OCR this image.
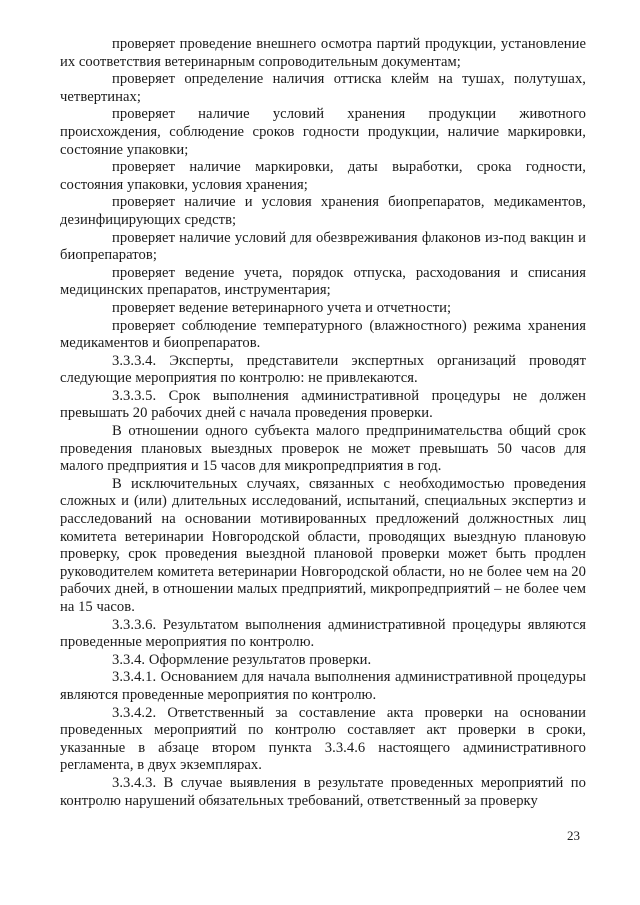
проверяет проведение внешнего осмотра партий продукции, установление их соответствия ветеринарным сопроводительным документам;

проверяет определение наличия оттиска клейм на тушах, полутушах, четвертинах;

проверяет наличие условий хранения продукции животного происхождения, соблюдение сроков годности продукции, наличие маркировки, состояние упаковки;

проверяет наличие маркировки, даты выработки, срока годности, состояния упаковки, условия хранения;

проверяет наличие и условия хранения биопрепаратов, медикаментов, дезинфицирующих средств;

проверяет наличие условий для обезвреживания флаконов из-под вакцин и биопрепаратов;

проверяет ведение учета, порядок отпуска, расходования и списания медицинских препаратов, инструментария;

проверяет ведение ветеринарного учета и отчетности;

проверяет соблюдение температурного (влажностного) режима хранения медикаментов и биопрепаратов.

3.3.3.4. Эксперты, представители экспертных организаций проводят следующие мероприятия по контролю: не привлекаются.

3.3.3.5. Срок выполнения административной процедуры не должен превышать 20 рабочих дней с начала проведения проверки.

В отношении одного субъекта малого предпринимательства общий срок проведения плановых выездных проверок не может превышать 50 часов для малого предприятия и 15 часов для микропредприятия в год.

В исключительных случаях, связанных с необходимостью проведения сложных и (или) длительных исследований, испытаний, специальных экспертиз и расследований на основании мотивированных предложений должностных лиц комитета ветеринарии Новгородской области, проводящих выездную плановую проверку, срок проведения выездной плановой проверки может быть продлен руководителем комитета ветеринарии Новгородской области, но не более чем на 20 рабочих дней, в отношении малых предприятий, микропредприятий – не более чем на 15 часов.

3.3.3.6. Результатом выполнения административной процедуры являются проведенные мероприятия по контролю.

3.3.4. Оформление результатов проверки.

3.3.4.1. Основанием для начала выполнения административной процедуры являются проведенные мероприятия по контролю.

3.3.4.2. Ответственный за составление акта проверки на основании проведенных мероприятий по контролю составляет акт проверки в сроки, указанные в абзаце втором пункта 3.3.4.6 настоящего административного регламента, в двух экземплярах.

3.3.4.3. В случае выявления в результате проведенных мероприятий по контролю нарушений обязательных требований, ответственный за проверку

23
